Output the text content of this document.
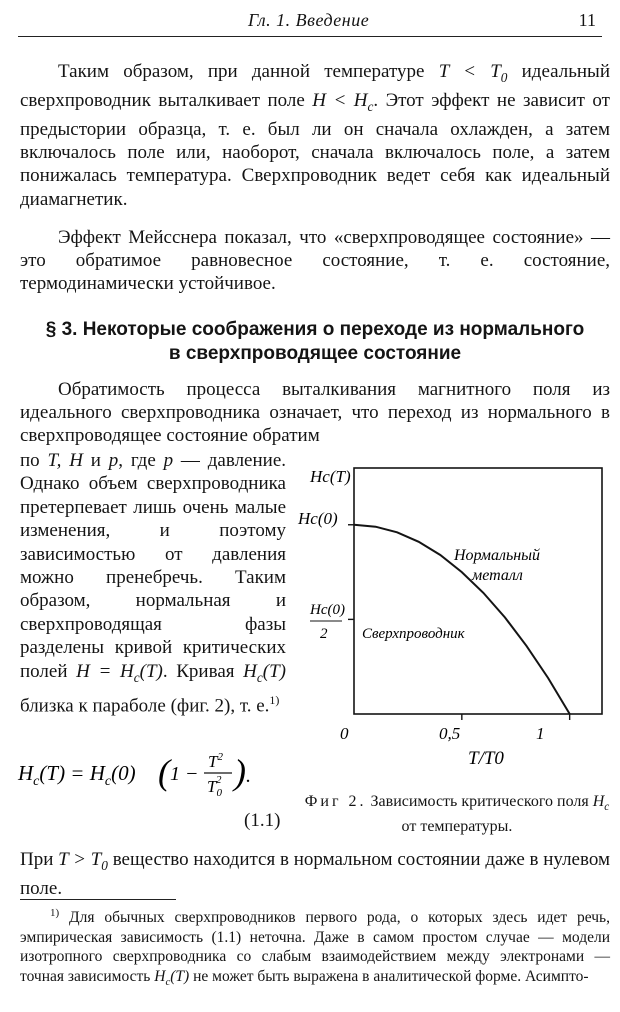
Гл. 1. Введение	11

Таким образом, при данной температуре $T < T_0$ идеальный сверхпроводник выталкивает поле $H < H_c$. Этот эффект не зависит от предыстории образца, т. е. был ли он сначала охлажден, а затем включалось поле или, наоборот, сначала включалось поле, а затем понижалась температура. Сверхпроводник ведет себя как идеальный диамагнетик.

Эффект Мейсснера показал, что «сверхпроводящее состояние» — это обратимое равновесное состояние, т. е. состояние, термодинамически устойчивое.

§ 3. Некоторые соображения о переходе из нормального
в сверхпроводящее состояние

Обратимость процесса выталкивания магнитного поля из идеального сверхпроводника означает, что переход из нормального в сверхпроводящее состояние обратим

по T, H и p, где p — давление. Однако объем сверхпроводника претерпевает лишь очень малые изменения, и поэтому зависимостью от давления можно пренебречь. Таким образом, нормальная и сверхпроводящая фазы разделены кривой критических полей $H = H_c(T)$. Кривая $H_c(T)$ близка к параболе (фиг. 2), т. е.$^{1)}$

$H_c(T) = H_c(0)$ ( 1 −
$T^2$
$T_02$ ) .
(1.1)
Hc(T)
Hc(0)
Hc(0)
2
0	0,5	1
T/T0
Нормальный
металл
Сверхпроводник

Фиг 2. Зависимость критического поля $H_c$ от температуры.

При $T > T_0$ вещество находится в нормальном состоянии даже в нулевом поле.

$^{1)}$ Для обычных сверхпроводников первого рода, о которых здесь идет речь, эмпирическая зависимость (1.1) неточна. Даже в самом простом случае — модели изотропного сверхпроводника со слабым взаимодействием между электронами — точная зависимость $H_c(T)$ не может быть выражена в аналитической форме. Асимпто-
